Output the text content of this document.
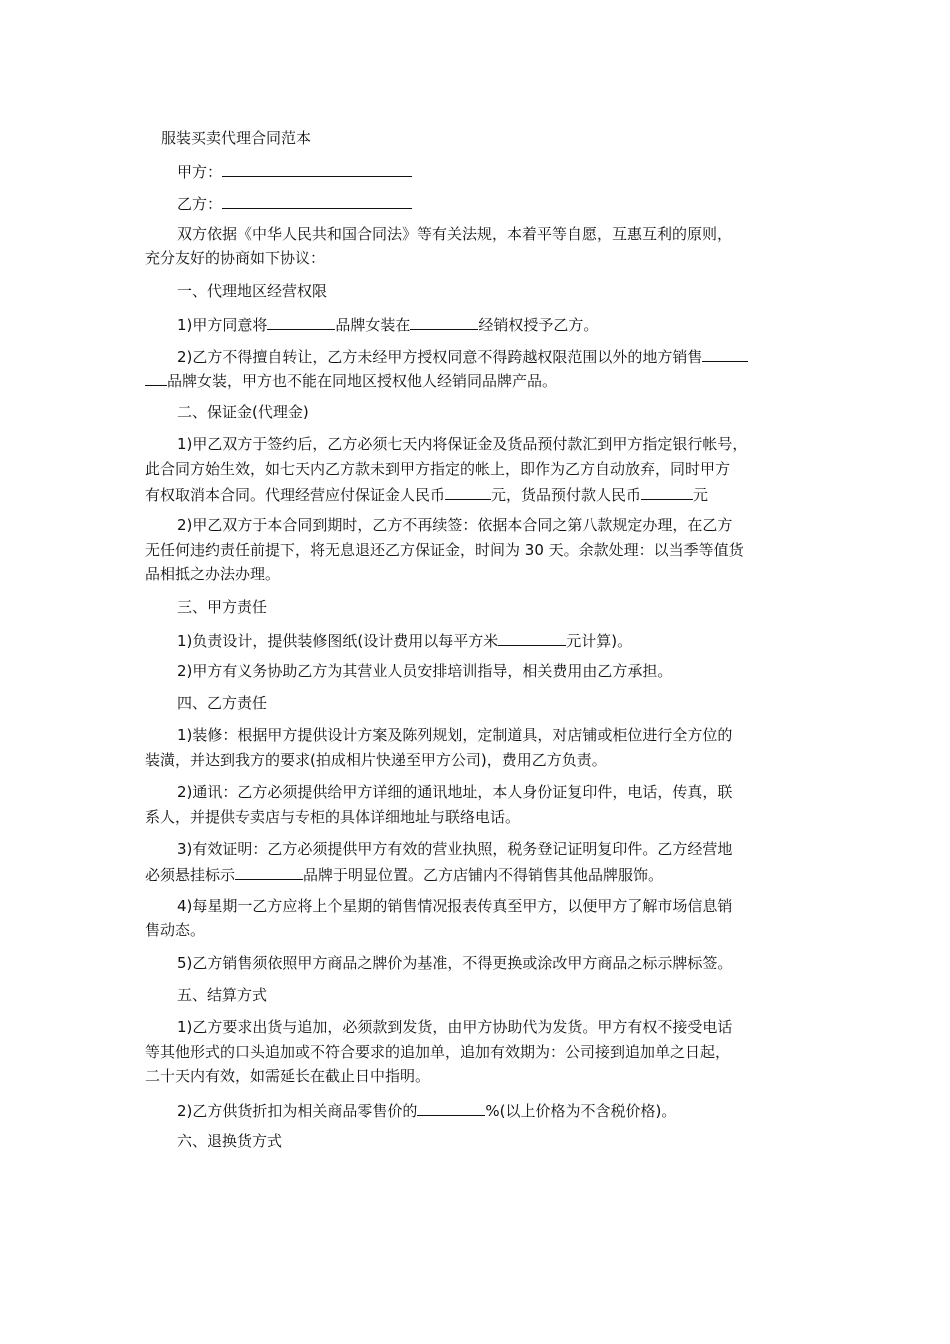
服装买卖代理合同范本
甲方：
乙方：
双方依据《中华人民共和国合同法》等有关法规，本着平等自愿，互惠互利的原则，
充分友好的协商如下协议：
一、代理地区经营权限
1)甲方同意将	品牌女装在	经销权授予乙方。
2)乙方不得擅自转让，乙方未经甲方授权同意不得跨越权限范围以外的地方销售
品牌女装，甲方也不能在同地区授权他人经销同品牌产品。
二、保证金(代理金)
1)甲乙双方于签约后，乙方必须七天内将保证金及货品预付款汇到甲方指定银行帐号，
此合同方始生效，如七天内乙方款未到甲方指定的帐上，即作为乙方自动放弃，同时甲方
有权取消本合同。代理经营应付保证金人民币	元，货品预付款人民币	元
2)甲乙双方于本合同到期时，乙方不再续签：依据本合同之第八款规定办理，在乙方
无任何违约责任前提下，将无息退还乙方保证金，时间为 30 天。余款处理：以当季等值货
品相抵之办法办理。
三、甲方责任
1)负责设计，提供装修图纸(设计费用以每平方米	元计算)。
2)甲方有义务协助乙方为其营业人员安排培训指导，相关费用由乙方承担。
四、乙方责任
1)装修：根据甲方提供设计方案及陈列规划，定制道具，对店铺或柜位进行全方位的
装潢，并达到我方的要求(拍成相片快递至甲方公司)，费用乙方负责。
2)通讯：乙方必须提供给甲方详细的通讯地址，本人身份证复印件，电话，传真，联
系人，并提供专卖店与专柜的具体详细地址与联络电话。
3)有效证明：乙方必须提供甲方有效的营业执照，税务登记证明复印件。乙方经营地
必须悬挂标示	品牌于明显位置。乙方店铺内不得销售其他品牌服饰。
4)每星期一乙方应将上个星期的销售情况报表传真至甲方，以便甲方了解市场信息销
售动态。
5)乙方销售须依照甲方商品之牌价为基准，不得更换或涂改甲方商品之标示牌标签。
五、结算方式
1)乙方要求出货与追加，必须款到发货，由甲方协助代为发货。甲方有权不接受电话
等其他形式的口头追加或不符合要求的追加单，追加有效期为：公司接到追加单之日起，
二十天内有效，如需延长在截止日中指明。
2)乙方供货折扣为相关商品零售价的	%(以上价格为不含税价格)。
六、退换货方式
